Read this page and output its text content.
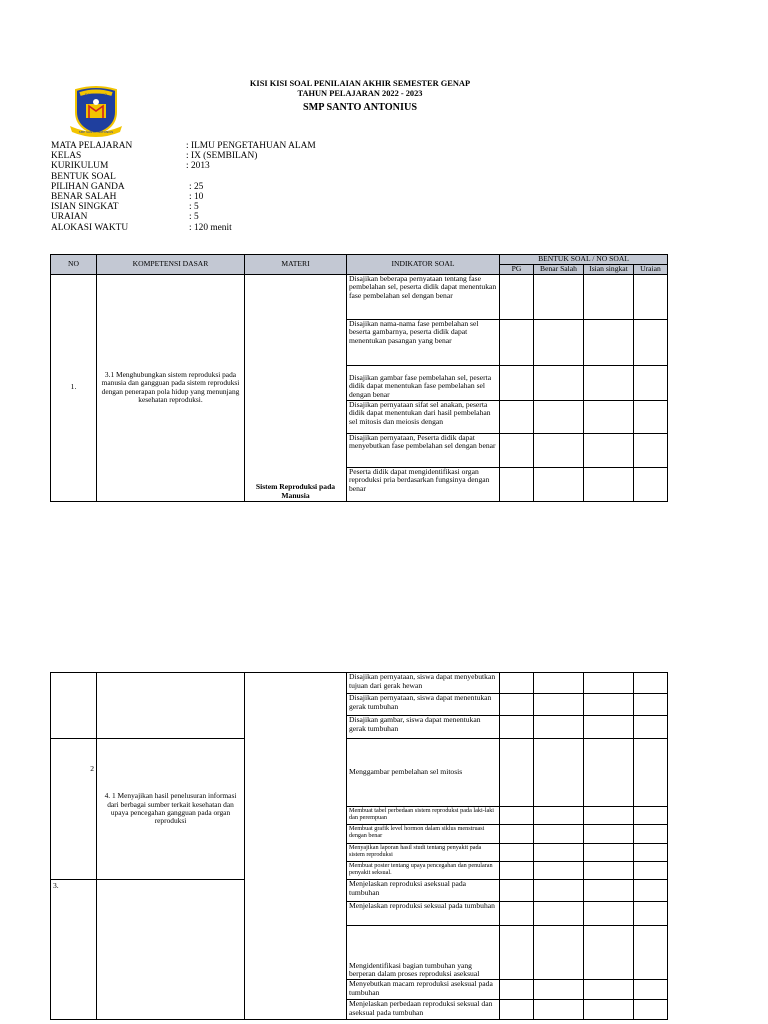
KISI KISI SOAL PENILAIAN AKHIR SEMESTER GENAP
TAHUN PELAJARAN 2022 - 2023
SMP SANTO ANTONIUS
ECCE VENIO
SMP SANTO ANTONIUS
MATA PELAJARAN	: ILMU PENGETAHUAN ALAM
KELAS	: IX (SEMBILAN)
KURIKULUM	: 2013
BENTUK SOAL
PILIHAN GANDA	: 25
BENAR SALAH	: 10
ISIAN SINGKAT	: 5
URAIAN	: 5
ALOKASI WAKTU	: 120 menit
NO	KOMPETENSI DASAR	MATERI	INDIKATOR SOAL	BENTUK SOAL / NO SOAL			
				PG	Benar Salah	Isian singkat	Uraian
1.	3.1 Menghubungkan sistem reproduksi pada manusia dan gangguan pada sistem reproduksi dengan penerapan pola hidup yang menunjang kesehatan reproduksi.	Sistem Reproduksi pada Manusia	Disajikan beberapa pernyataan tentang fase pembelahan sel, peserta didik dapat menentukan fase pembelahan sel dengan benar				
			Disajikan nama-nama fase pembelahan sel beserta gambarnya, peserta didik dapat menentukan pasangan yang benar				
			Disajikan gambar fase pembelahan sel, peserta didik dapat menentukan fase pembelahan sel dengan benar				
			Disajikan pernyataan sifat sel anakan, peserta didik dapat menentukan dari hasil pembelahan sel mitosis dan meiosis dengan				
			Disajikan pernyataan, Peserta didik dapat menyebutkan fase pembelahan sel dengan benar				
			Peserta didik dapat mengidentifikasi organ reproduksi pria berdasarkan fungsinya dengan benar				
			Disajikan pernyataan, siswa dapat menyebutkan tujuan dari gerak hewan				
			Disajikan pernyataan, siswa dapat menentukan gerak tumbuhan				
			Disajikan gambar, siswa dapat menentukan gerak tumbuhan				
2	4. 1 Menyajikan hasil penelusuran informasi dari berbagai sumber terkait kesehatan dan upaya pencegahan gangguan pada organ reproduksi		Menggambar pembelahan sel mitosis				
			Membuat tabel perbedaan sistem reproduksi pada laki-laki dan perempuan				
			Membuat grafik level hormon dalam siklus menstruasi dengan benar				
			Menyajikan laporan hasil studi tentang penyakit pada sistem reproduksi				
			Membuat poster tentang upaya pencegahan dan penularan penyakit seksual.				
3.			Menjelaskan reproduksi aseksual pada tumbuhan				
			Menjelaskan reproduksi seksual pada tumbuhan				
			Mengidentifikasi bagian tumbuhan yang berperan dalam proses reproduksi aseksual				
			Menyebutkan macam reproduksi aseksual pada tumbuhan				
			Menjelaskan perbedaan reproduksi seksual dan aseksual pada tumbuhan				
